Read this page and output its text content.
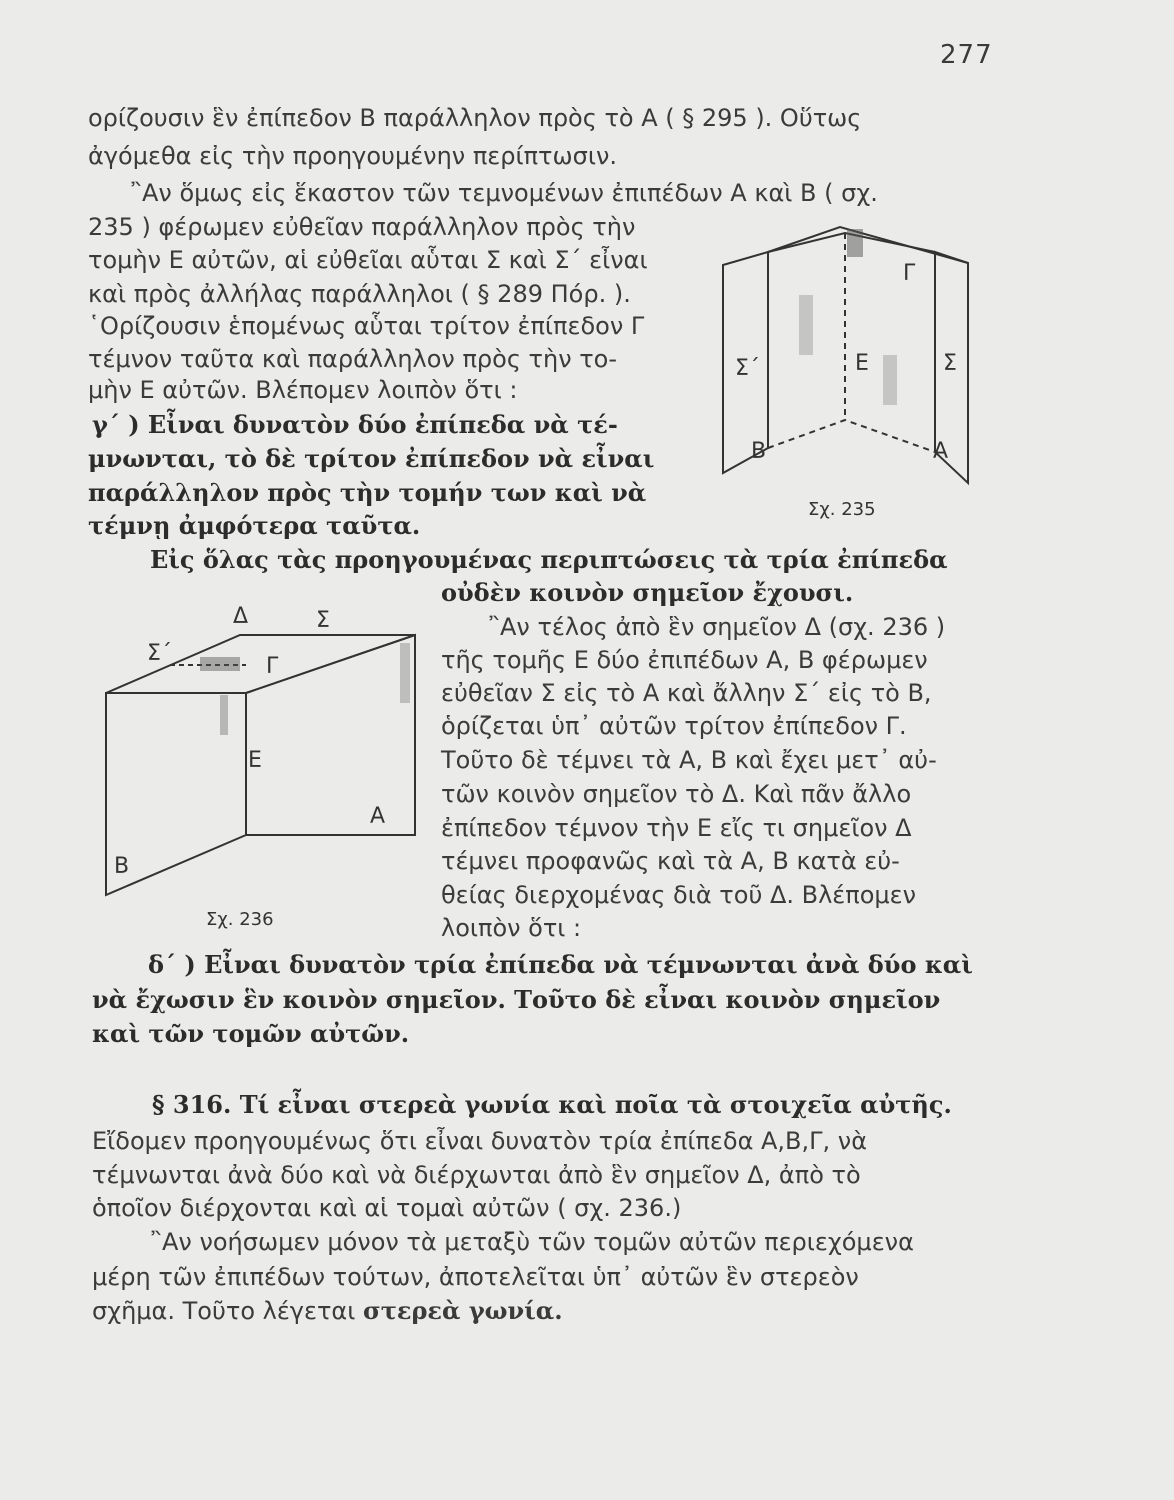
277
ορίζουσιν ἓν ἐπίπεδον Β παράλληλον πρὸς τὸ Α ( § 295 ). Οὕτως
ἀγόμεθα εἰς τὴν προηγουμένην περίπτωσιν.
῍Αν ὅμως εἰς ἕκαστον τῶν τεμνομένων ἐπιπέδων Α καὶ Β ( σχ.
235 ) φέρωμεν εὐθεῖαν παράλληλον πρὸς τὴν
τομὴν Ε αὐτῶν, αἱ εὐθεῖαι αὗται Σ καὶ Σ΄ εἶναι
καὶ πρὸς ἀλλήλας παράλληλοι ( § 289 Πόρ. ).
῾Ορίζουσιν ἑπομένως αὗται τρίτον ἐπίπεδον Γ
τέμνον ταῦτα καὶ παράλληλον πρὸς τὴν το-
μὴν Ε αὐτῶν. Βλέπομεν λοιπὸν ὅτι :
γ΄ ) Εἶναι δυνατὸν δύο ἐπίπεδα νὰ τέ-
μνωνται, τὸ δὲ τρίτον ἐπίπεδον νὰ εἶναι
παράλληλον πρὸς τὴν τομήν των καὶ νὰ
τέμνῃ ἀμφότερα ταῦτα.
Γ
Σ΄	Ε	Σ
Β	Α
Σχ. 235
Εἰς ὅλας τὰς προηγουμένας περιπτώσεις τὰ τρία ἐπίπεδα
οὐδὲν κοινὸν σημεῖον ἔχουσι.
Δ	Σ
Σ΄
Γ
Ε
Α
Β
Σχ. 236
῍Αν τέλος ἀπὸ ἓν σημεῖον Δ (σχ. 236 )
τῆς τομῆς Ε δύο ἐπιπέδων Α, Β φέρωμεν
εὐθεῖαν Σ εἰς τὸ Α καὶ ἄλλην Σ΄ εἰς τὸ Β,
ὁρίζεται ὑπ᾽ αὐτῶν τρίτον ἐπίπεδον Γ.
Τοῦτο δὲ τέμνει τὰ Α, Β καὶ ἔχει μετ᾽ αὐ-
τῶν κοινὸν σημεῖον τὸ Δ. Καὶ πᾶν ἄλλο
ἐπίπεδον τέμνον τὴν Ε εἴς τι σημεῖον Δ
τέμνει προφανῶς καὶ τὰ Α, Β κατὰ εὐ-
θείας διερχομένας διὰ τοῦ Δ. Βλέπομεν
λοιπὸν ὅτι :
δ΄ ) Εἶναι δυνατὸν τρία ἐπίπεδα νὰ τέμνωνται ἀνὰ δύο καὶ
νὰ ἔχωσιν ἓν κοινὸν σημεῖον. Τοῦτο δὲ εἶναι κοινὸν σημεῖον
καὶ τῶν τομῶν αὐτῶν.
§ 316. Τί εἶναι στερεὰ γωνία καὶ ποῖα τὰ στοιχεῖα αὐτῆς.
Εἴδομεν προηγουμένως ὅτι εἶναι δυνατὸν τρία ἐπίπεδα Α,Β,Γ, νὰ
τέμνωνται ἀνὰ δύο καὶ νὰ διέρχωνται ἀπὸ ἓν σημεῖον Δ, ἀπὸ τὸ
ὁποῖον διέρχονται καὶ αἱ τομαὶ αὐτῶν ( σχ. 236.)
῍Αν νοήσωμεν μόνον τὰ μεταξὺ τῶν τομῶν αὐτῶν περιεχόμενα
μέρη τῶν ἐπιπέδων τούτων, ἀποτελεῖται ὑπ᾽ αὐτῶν ἓν στερεὸν
σχῆμα. Τοῦτο λέγεται στερεὰ γωνία.
